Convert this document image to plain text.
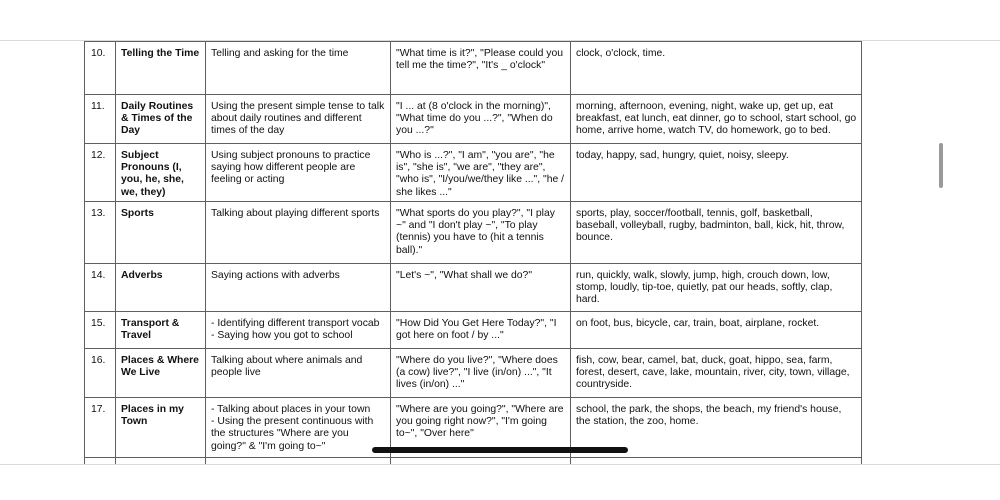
10.	Telling the Time	Telling and asking for the time	"What time is it?", "Please could you tell me the time?", "It's _ o'clock"	clock, o'clock, time.
11.	Daily Routines & Times of the Day	Using the present simple tense to talk about daily routines and different times of the day	"I ... at (8 o'clock in the morning)", "What time do you ...?", "When do you ...?"	morning, afternoon, evening, night, wake up, get up, eat breakfast, eat lunch, eat dinner, go to school, start school, go home, arrive home, watch TV, do homework, go to bed.
12.	Subject Pronouns (I, you, he, she, we, they)	Using subject pronouns to practice saying how different people are feeling or acting	"Who is ...?", "I am", "you are", "he is", "she is", "we are", "they are", "who is", "I/you/we/they like ...", "he / she likes ..."	today, happy, sad, hungry, quiet, noisy, sleepy.
13.	Sports	Talking about playing different sports	"What sports do you play?", "I play ~" and "I don't play ~", "To play (tennis) you have to (hit a tennis ball)."	sports, play, soccer/football, tennis, golf, basketball, baseball, volleyball, rugby, badminton, ball, kick, hit, throw, bounce.
14.	Adverbs	Saying actions with adverbs	"Let's ~", "What shall we do?"	run, quickly, walk, slowly, jump, high, crouch down, low, stomp, loudly, tip-toe, quietly, pat our heads, softly, clap, hard.
15.	Transport & Travel	- Identifying different transport vocab
- Saying how you got to school	"How Did You Get Here Today?", "I got here on foot / by ..."	on foot, bus, bicycle, car, train, boat, airplane, rocket.
16.	Places & Where We Live	Talking about where animals and people live	"Where do you live?", "Where does (a cow) live?", "I live (in/on) ...", "It lives (in/on) ..."	fish, cow, bear, camel, bat, duck, goat, hippo, sea, farm, forest, desert, cave, lake, mountain, river, city, town, village, countryside.
17.	Places in my Town	- Talking about places in your town
- Using the present continuous with the structures "Where are you going?" & "I'm going to~"	"Where are you going?", "Where are you going right now?", "I'm going to~", "Over here"	school, the park, the shops, the beach, my friend's house, the station, the zoo, home.
